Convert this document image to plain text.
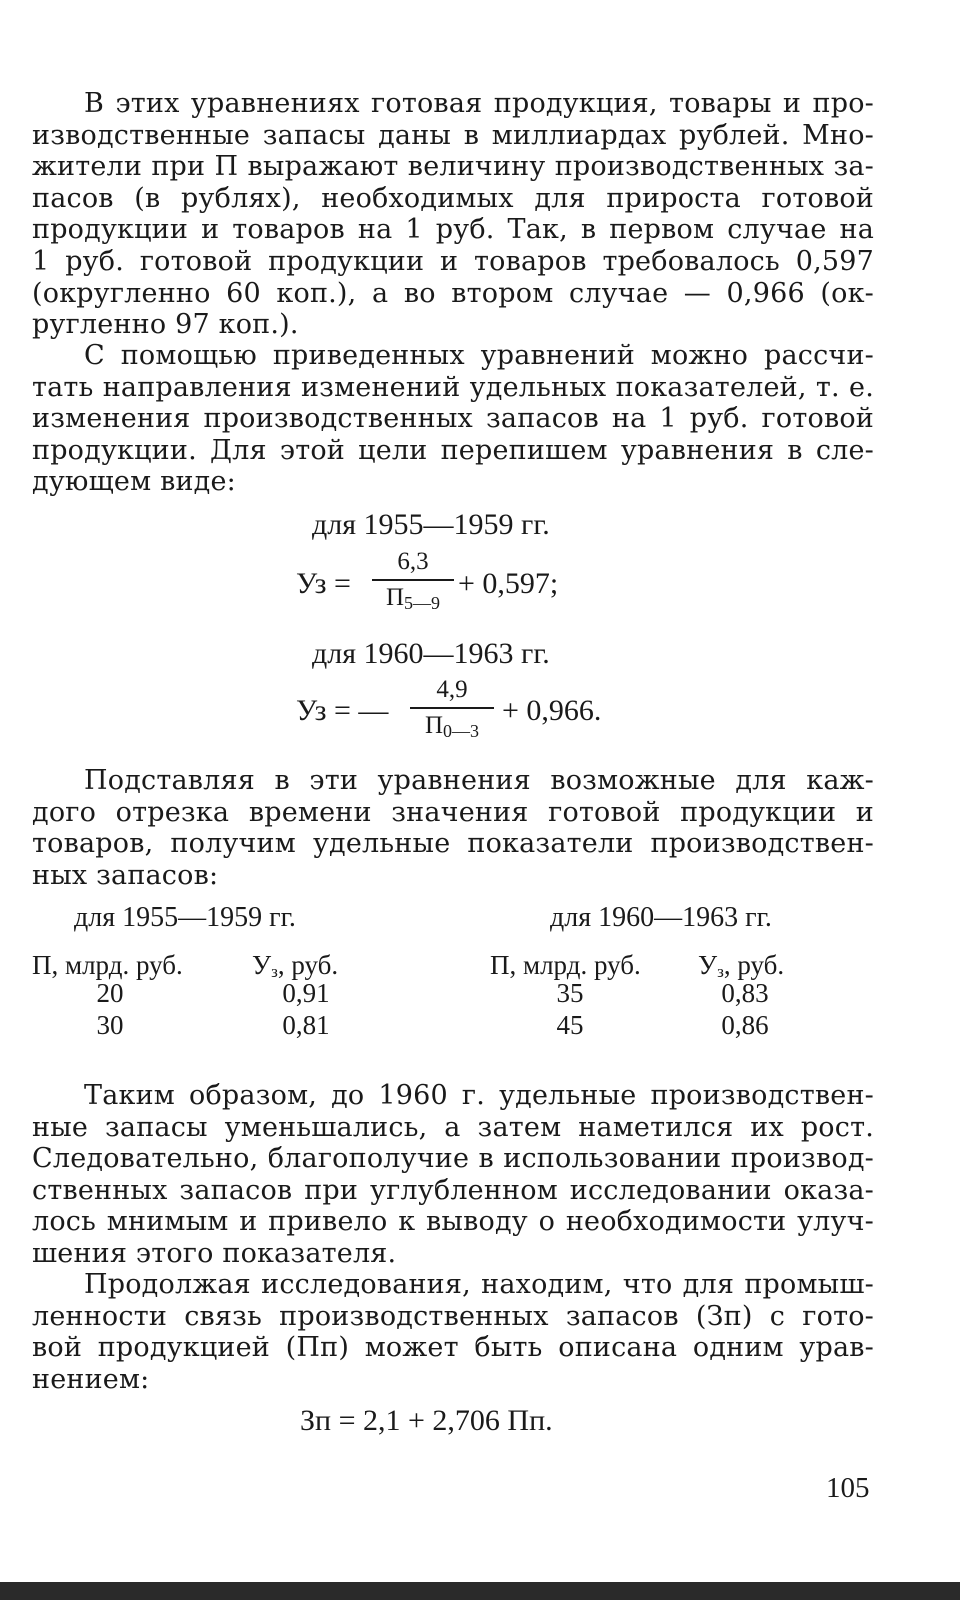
В этих уравнениях готовая продукция, товары и про-
изводственные запасы даны в миллиардах рублей. Мно-
жители при П выражают величину производственных за-
пасов (в рублях), необходимых для прироста готовой
продукции и товаров на 1 руб. Так, в первом случае на
1 руб. готовой продукции и товаров требовалось 0,597
(округленно 60 коп.), а во втором случае — 0,966 (ок-
ругленно 97 коп.).
С помощью приведенных уравнений можно рассчи-
тать направления изменений удельных показателей, т. е.
изменения производственных запасов на 1 руб. готовой
продукции. Для этой цели перепишем уравнения в сле-
дующем виде:
для 1955—1959 гг.
Уз =
6,3
$П_{5—9}$
+ 0,597;
для 1960—1963 гг.
Уз = —
4,9
$П_{0—3}$
+ 0,966.
Подставляя в эти уравнения возможные для каж-
дого отрезка времени значения готовой продукции и
товаров, получим удельные показатели производствен-
ных запасов:
для 1955—1959 гг.
П, млрд. руб.	$У_з$, руб.
20	0,91
30	0,81
для 1960—1963 гг.
П, млрд. руб. $У_з$, руб.
35	0,83
45	0,86
Таким образом, до 1960 г. удельные производствен-
ные запасы уменьшались, а затем наметился их рост.
Следовательно, благополучие в использовании производ-
ственных запасов при углубленном исследовании оказа-
лось мнимым и привело к выводу о необходимости улуч-
шения этого показателя.
Продолжая исследования, находим, что для промыш-
ленности связь производственных запасов (Зп) с гото-
вой продукцией (Пп) может быть описана одним урав-
нением:
Зп = 2,1 + 2,706 Пп.
105
